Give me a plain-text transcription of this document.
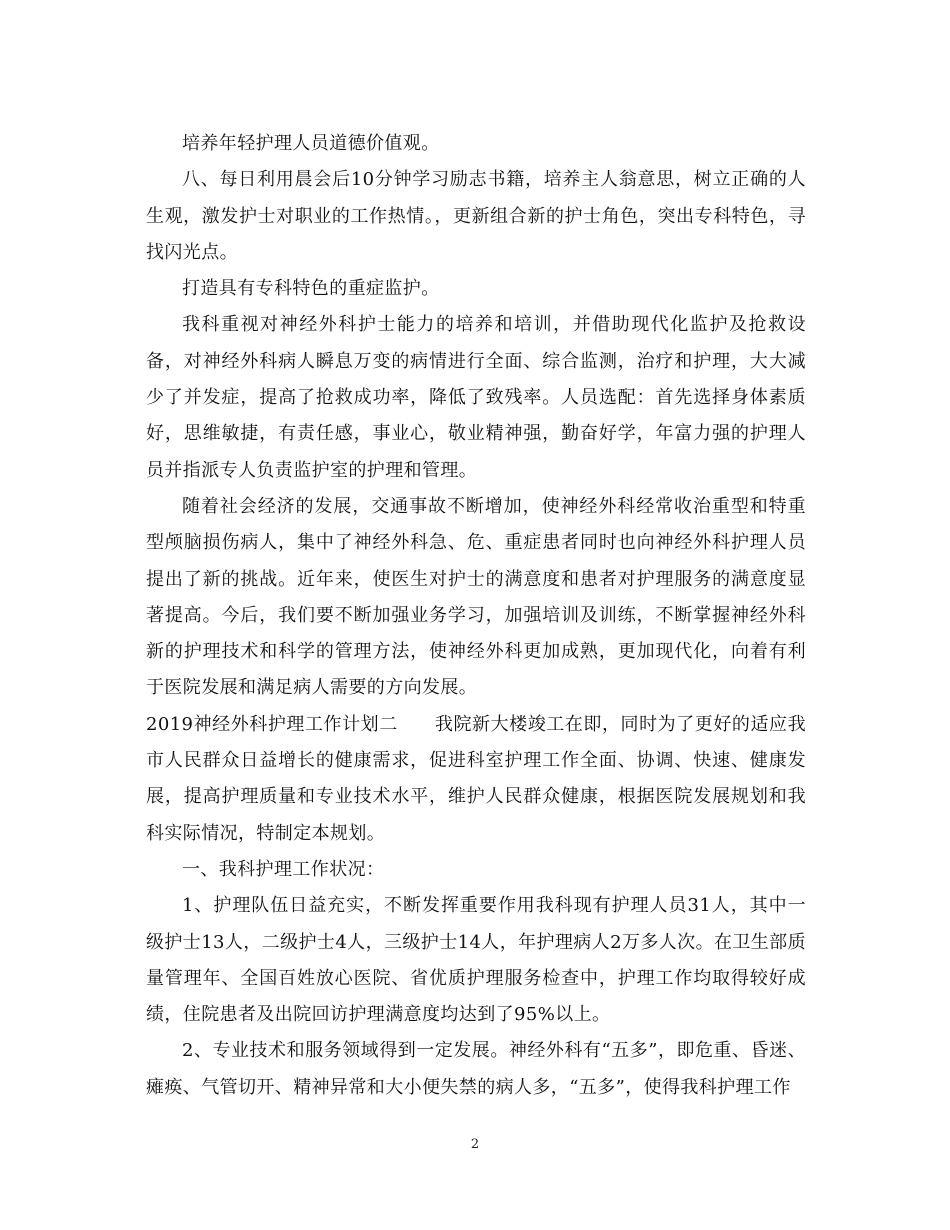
培养年轻护理人员道德价值观。

八、每日利用晨会后10分钟学习励志书籍，培养主人翁意思，树立正确的人生观，激发护士对职业的工作热情。，更新组合新的护士角色，突出专科特色，寻找闪光点。

打造具有专科特色的重症监护。

我科重视对神经外科护士能力的培养和培训，并借助现代化监护及抢救设备，对神经外科病人瞬息万变的病情进行全面、综合监测，治疗和护理，大大减少了并发症，提高了抢救成功率，降低了致残率。人员选配：首先选择身体素质好，思维敏捷，有责任感，事业心，敬业精神强，勤奋好学，年富力强的护理人员并指派专人负责监护室的护理和管理。

随着社会经济的发展，交通事故不断增加，使神经外科经常收治重型和特重型颅脑损伤病人，集中了神经外科急、危、重症患者同时也向神经外科护理人员提出了新的挑战。近年来，使医生对护士的满意度和患者对护理服务的满意度显著提高。今后，我们要不断加强业务学习，加强培训及训练，不断掌握神经外科新的护理技术和科学的管理方法，使神经外科更加成熟，更加现代化，向着有利于医院发展和满足病人需要的方向发展。

2019神经外科护理工作计划二　　我院新大楼竣工在即，同时为了更好的适应我市人民群众日益增长的健康需求，促进科室护理工作全面、协调、快速、健康发展，提高护理质量和专业技术水平，维护人民群众健康，根据医院发展规划和我科实际情况，特制定本规划。

一、我科护理工作状况：

1、护理队伍日益充实，不断发挥重要作用我科现有护理人员31人，其中一级护士13人，二级护士4人，三级护士14人，年护理病人2万多人次。在卫生部质量管理年、全国百姓放心医院、省优质护理服务检查中，护理工作均取得较好成绩，住院患者及出院回访护理满意度均达到了95%以上。

2、专业技术和服务领域得到一定发展。神经外科有“五多”，即危重、昏迷、瘫痪、气管切开、精神异常和大小便失禁的病人多，“五多”，使得我科护理工作

2
